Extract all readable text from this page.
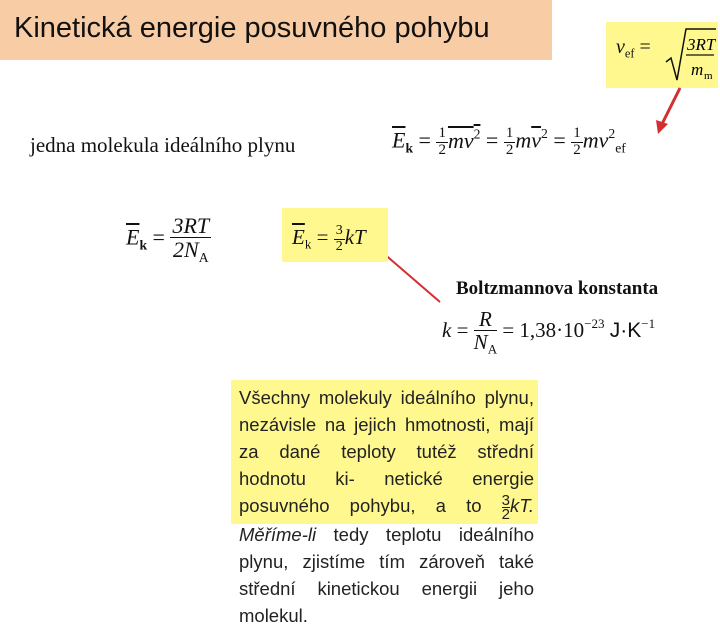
Kinetická energie posuvného pohybu
$v_{ef} = 3RT$
m m
jednа molekula ideálního plynu	$\overline{E}_k = \frac{1}{2} mv^2 = \frac{1}{2} m\overline{v}^2 = \frac{1}{2} mv^2_{ef}$
$\overline{E}_k = \frac{3RT}{2N_A}$	$\overline{E}_k = \frac{3}{2}$ kT
Boltzmannova konstanta
$k = \frac{R}{N_A} = 1,38\cdot 10^{-23}$ $J\cdot K^{-1}$
Všechny molekuly ideálního plynu, nezávisle na jejich hmotnosti, mají za dané teploty tutéž střední hodnotu ki- netické energie posuvného pohybu, a to $\frac{3}{2}$ kT. Měříme-li tedy teplotu ideálního plynu, zjistíme tím zároveň také střední kinetickou energii jeho molekul.
